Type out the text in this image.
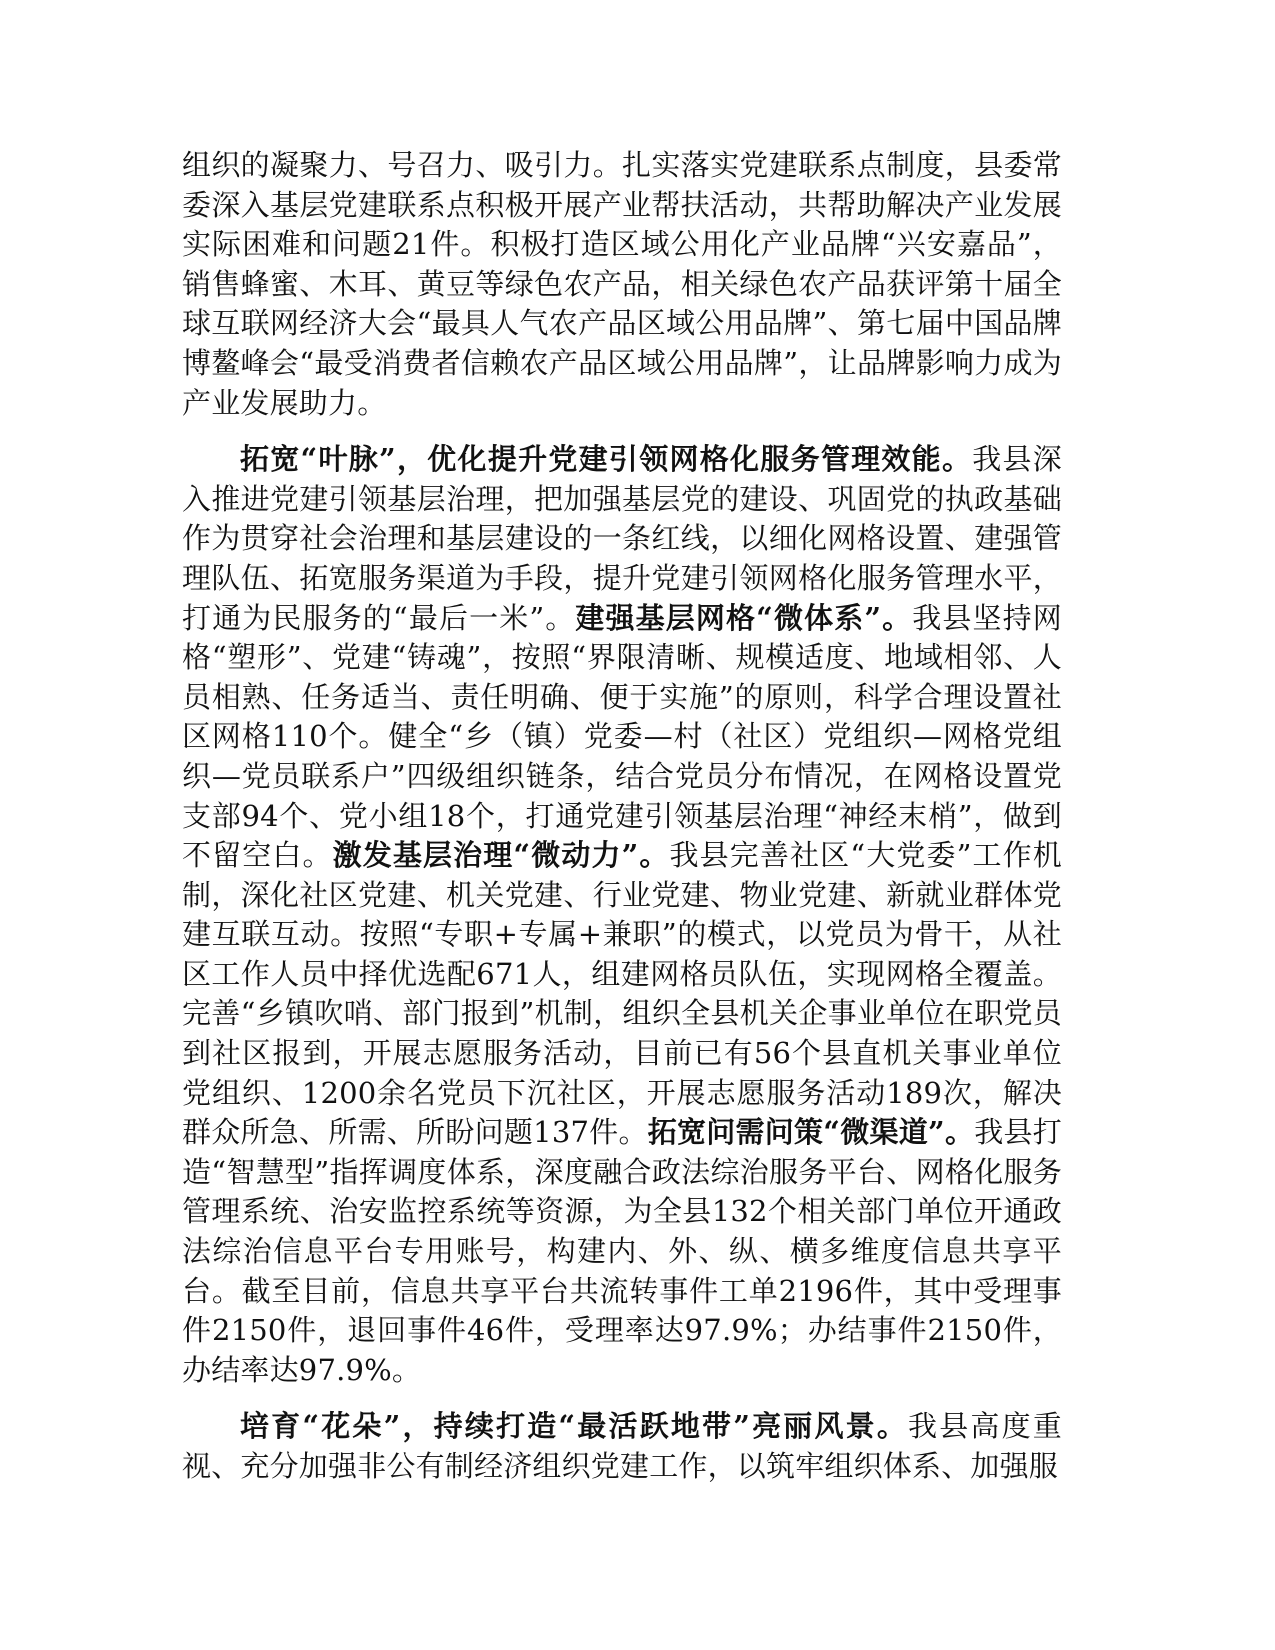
组织的凝聚力、号召力、吸引力。扎实落实党建联系点制度，县委常委深入基层党建联系点积极开展产业帮扶活动，共帮助解决产业发展实际困难和问题21件。积极打造区域公用化产业品牌“兴安嘉品”，销售蜂蜜、木耳、黄豆等绿色农产品，相关绿色农产品获评第十届全球互联网经济大会“最具人气农产品区域公用品牌”、第七届中国品牌博鳌峰会“最受消费者信赖农产品区域公用品牌”，让品牌影响力成为产业发展助力。

拓宽“叶脉”，优化提升党建引领网格化服务管理效能。我县深入推进党建引领基层治理，把加强基层党的建设、巩固党的执政基础作为贯穿社会治理和基层建设的一条红线，以细化网格设置、建强管理队伍、拓宽服务渠道为手段，提升党建引领网格化服务管理水平，打通为民服务的“最后一米”。建强基层网格“微体系”。我县坚持网格“塑形”、党建“铸魂”，按照“界限清晰、规模适度、地域相邻、人员相熟、任务适当、责任明确、便于实施”的原则，科学合理设置社区网格110个。健全“乡（镇）党委—村（社区）党组织—网格党组织—党员联系户”四级组织链条，结合党员分布情况，在网格设置党支部94个、党小组18个，打通党建引领基层治理“神经末梢”，做到不留空白。激发基层治理“微动力”。我县完善社区“大党委”工作机制，深化社区党建、机关党建、行业党建、物业党建、新就业群体党建互联互动。按照“专职+专属+兼职”的模式，以党员为骨干，从社区工作人员中择优选配671人，组建网格员队伍，实现网格全覆盖。完善“乡镇吹哨、部门报到”机制，组织全县机关企事业单位在职党员到社区报到，开展志愿服务活动，目前已有56个县直机关事业单位党组织、1200余名党员下沉社区，开展志愿服务活动189次，解决群众所急、所需、所盼问题137件。拓宽问需问策“微渠道”。我县打造“智慧型”指挥调度体系，深度融合政法综治服务平台、网格化服务管理系统、治安监控系统等资源，为全县132个相关部门单位开通政法综治信息平台专用账号，构建内、外、纵、横多维度信息共享平台。截至目前，信息共享平台共流转事件工单2196件，其中受理事件2150件，退回事件46件，受理率达97.9%；办结事件2150件，办结率达97.9%。

培育“花朵”，持续打造“最活跃地带”亮丽风景。我县高度重视、充分加强非公有制经济组织党建工作，以筑牢组织体系、加强服
